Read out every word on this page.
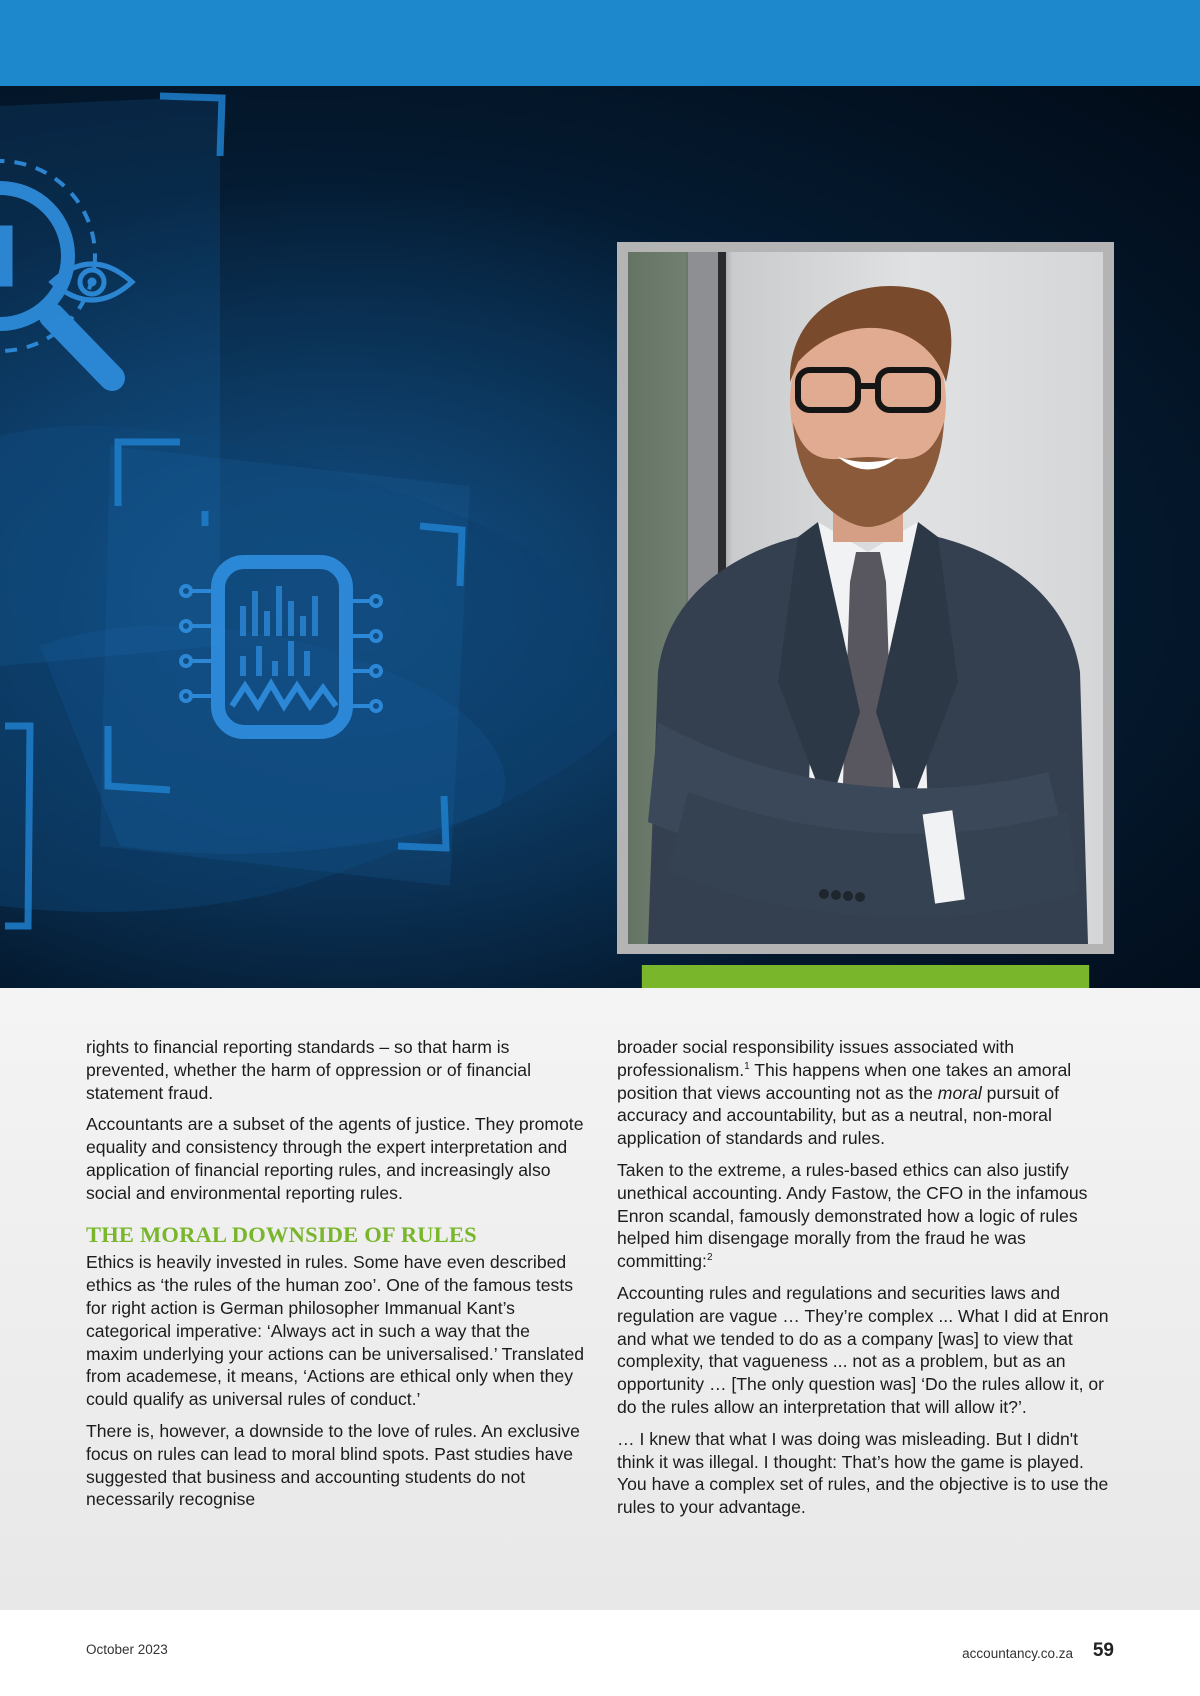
rights to financial reporting standards – so that harm is prevented, whether the harm of oppression or of financial statement fraud.

Accountants are a subset of the agents of justice. They promote equality and consistency through the expert interpretation and application of financial reporting rules, and increasingly also social and environmental reporting rules.

THE MORAL DOWNSIDE OF RULES

Ethics is heavily invested in rules. Some have even described ethics as ‘the rules of the human zoo’. One of the famous tests for right action is German philosopher Immanual Kant’s categorical imperative: ‘Always act in such a way that the maxim underlying your actions can be universalised.’ Translated from academese, it means, ‘Actions are ethical only when they could qualify as universal rules of conduct.’

There is, however, a downside to the love of rules. An exclusive focus on rules can lead to moral blind spots. Past studies have suggested that business and accounting students do not necessarily recognise

broader social responsibility issues associated with professionalism.$^1$ This happens when one takes an amoral position that views accounting not as the moral pursuit of accuracy and accountability, but as a neutral, non-moral application of standards and rules.

Taken to the extreme, a rules-based ethics can also justify unethical accounting. Andy Fastow, the CFO in the infamous Enron scandal, famously demonstrated how a logic of rules helped him disengage morally from the fraud he was committing:$^2$

Accounting rules and regulations and securities laws and regulation are vague … They’re complex ... What I did at Enron and what we tended to do as a company [was] to view that complexity, that vagueness ... not as a problem, but as an opportunity … [The only question was] ‘Do the rules allow it, or do the rules allow an interpretation that will allow it?’.

… I knew that what I was doing was misleading. But I didn't think it was illegal. I thought: That’s how the game is played. You have a complex set of rules, and the objective is to use the rules to your advantage.

October 2023	accountancy.co.za 59
